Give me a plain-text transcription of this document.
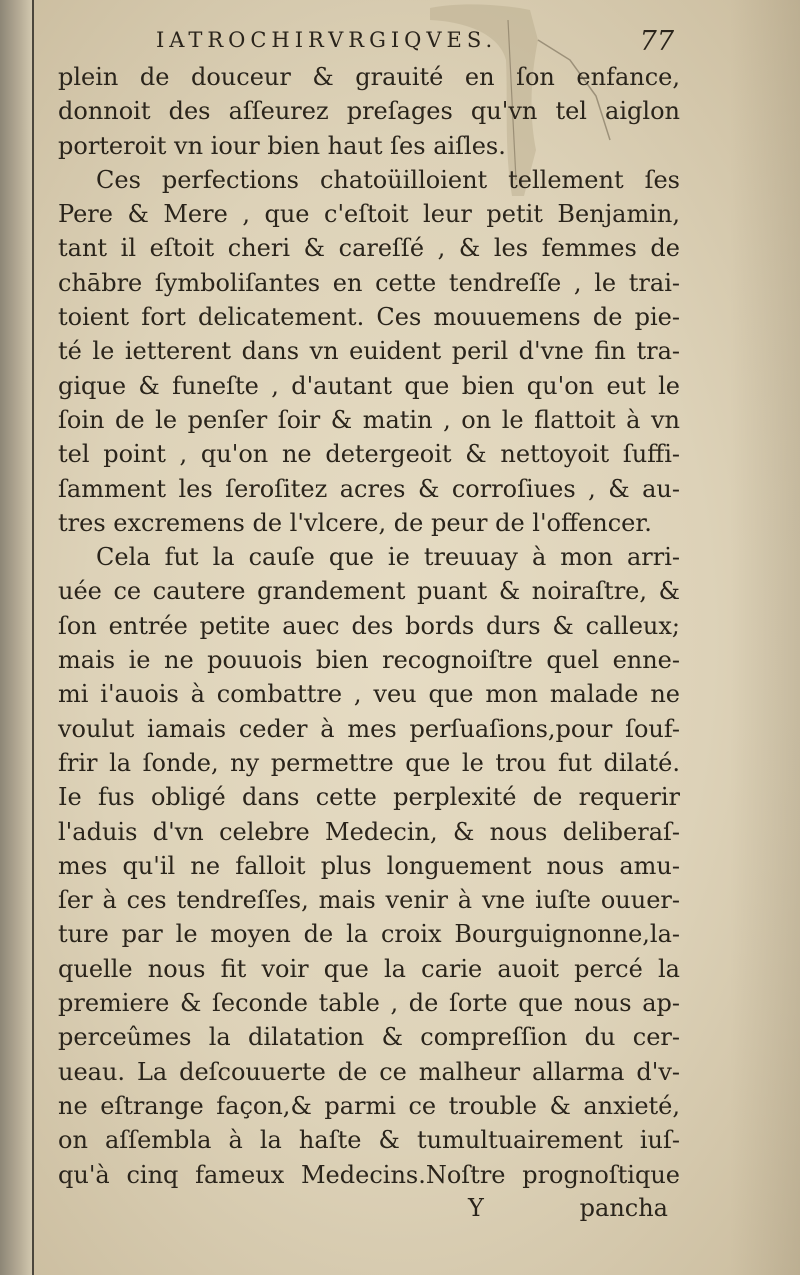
IATROCHIRVRGIQVES.	77
plein de douceur & grauité en ſon enfance,
donnoit des aſſeurez preſages qu'vn tel aiglon
porteroit vn iour bien haut ſes aiſles.
Ces perfections chatoüilloient tellement ſes
Pere & Mere , que c'eſtoit leur petit Benjamin,
tant il eſtoit cheri & careſſé , & les femmes de
chābre ſymboliſantes en cette tendreſſe , le trai-
toient fort delicatement. Ces mouuemens de pie-
té le ietterent dans vn euident peril d'vne fin tra-
gique & funeſte , d'autant que bien qu'on eut le
ſoin de le penſer ſoir & matin , on le flattoit à vn
tel point , qu'on ne detergeoit & nettoyoit ſuffi-
ſamment les ſeroſitez acres & corroſiues , & au-
tres excremens de l'vlcere, de peur de l'offencer.
Cela fut la cauſe que ie treuuay à mon arri-
uée ce cautere grandement puant & noiraſtre, &
ſon entrée petite auec des bords durs & calleux;
mais ie ne pouuois bien recognoiſtre quel enne-
mi i'auois à combattre , veu que mon malade ne
voulut iamais ceder à mes perſuaſions,pour ſouf-
frir la ſonde, ny permettre que le trou fut dilaté.
Ie fus obligé dans cette perplexité de requerir
l'aduis d'vn celebre Medecin, & nous deliberaſ-
mes qu'il ne falloit plus longuement nous amu-
ſer à ces tendreſſes, mais venir à vne iuſte ouuer-
ture par le moyen de la croix Bourguignonne,la-
quelle nous fit voir que la carie auoit percé la
premiere & ſeconde table , de ſorte que nous ap-
perceûmes la dilatation & compreſſion du cer-
ueau. La deſcouuerte de ce malheur allarma d'v-
ne eſtrange façon,& parmi ce trouble & anxieté,
on aſſembla à la haſte & tumultuairement iuſ-
qu'à cinq fameux Medecins.Noſtre prognoſtique
Y	pancha
